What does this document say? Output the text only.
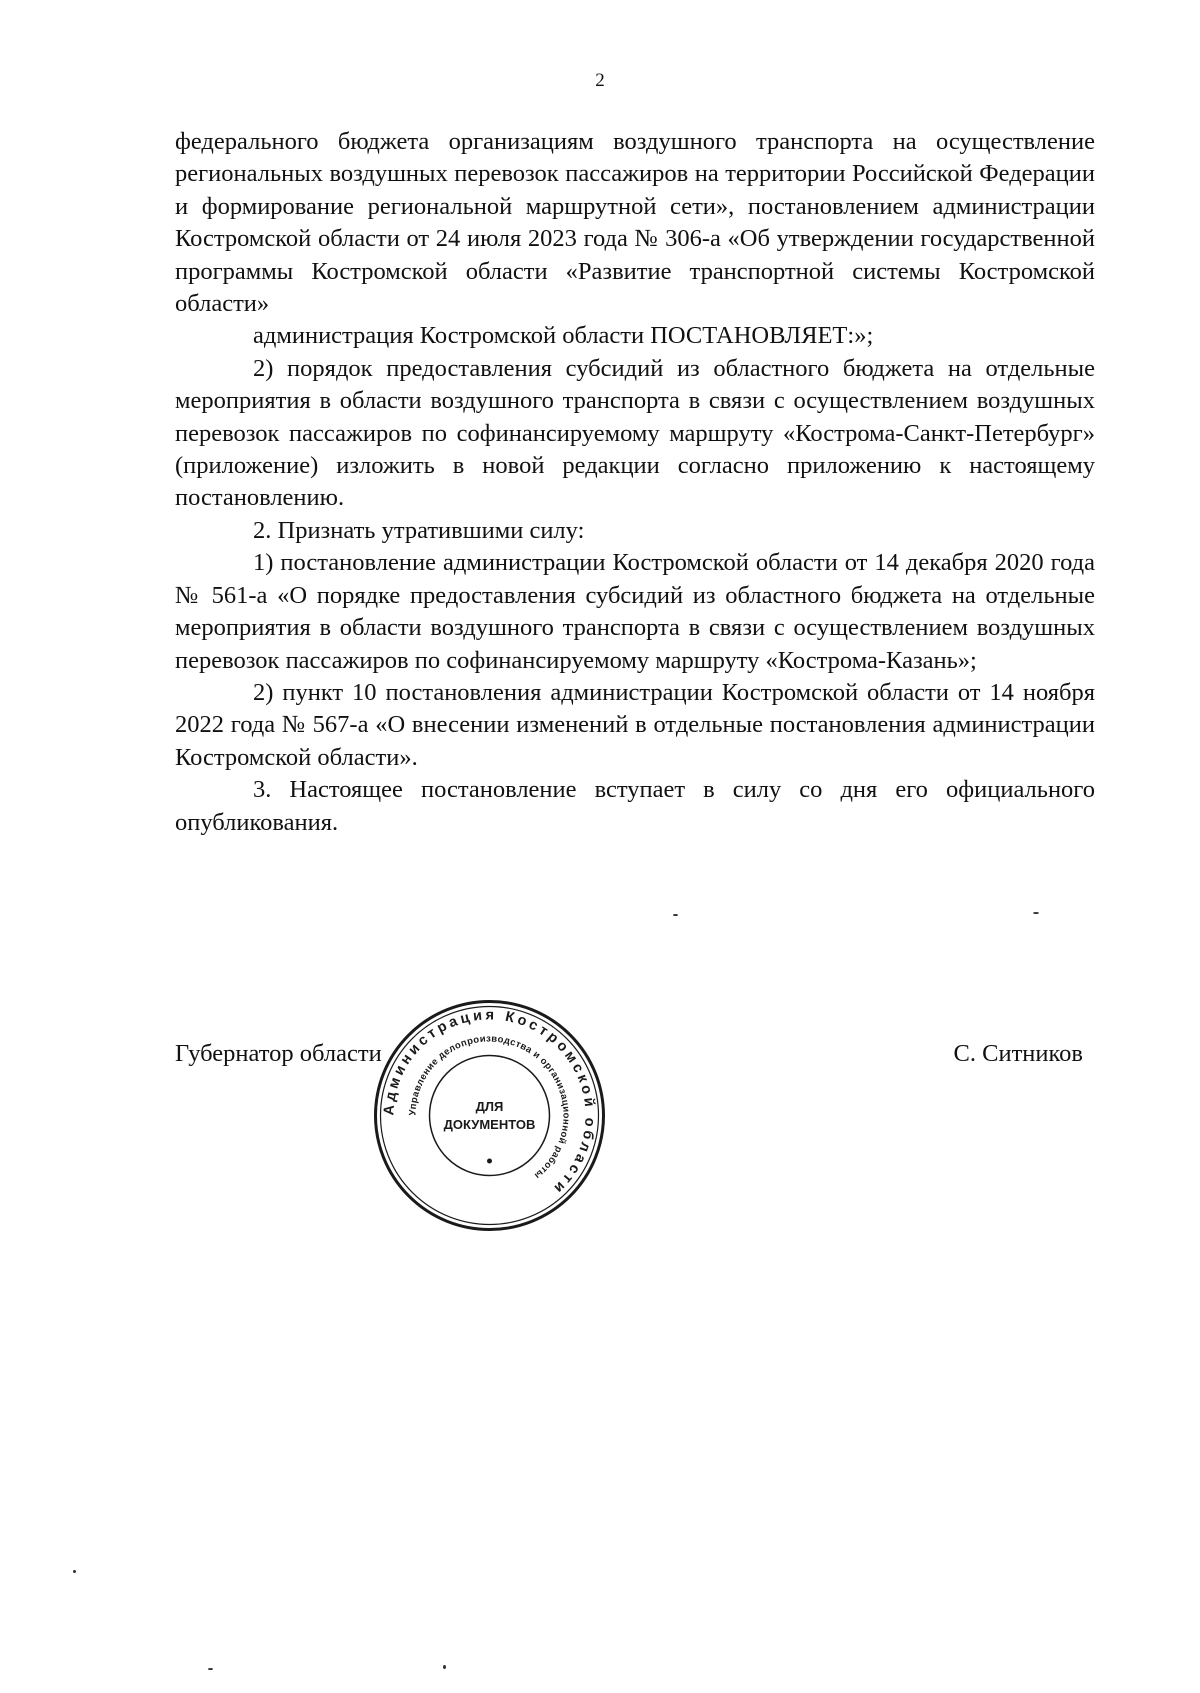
2

федерального бюджета организациям воздушного транспорта на осуществление региональных воздушных перевозок пассажиров на территории Российской Федерации и формирование региональной маршрутной сети», постановлением администрации Костромской области от 24 июля 2023 года № 306-а «Об утверждении государственной программы Костромской области «Развитие транспортной системы Костромской области»

администрация Костромской области ПОСТАНОВЛЯЕТ:»;

2) порядок предоставления субсидий из областного бюджета на отдельные мероприятия в области воздушного транспорта в связи с осуществлением воздушных перевозок пассажиров по софинансируемому маршруту «Кострома-Санкт-Петербург» (приложение) изложить в новой редакции согласно приложению к настоящему постановлению.

2. Признать утратившими силу:

1) постановление администрации Костромской области от 14 декабря 2020 года № 561-а «О порядке предоставления субсидий из областного бюджета на отдельные мероприятия в области воздушного транспорта в связи с осуществлением воздушных перевозок пассажиров по софинансируемому маршруту «Кострома-Казань»;

2) пункт 10 постановления администрации Костромской области от 14 ноября 2022 года № 567-а «О внесении изменений в отдельные постановления администрации Костромской области».

3. Настоящее постановление вступает в силу со дня его официального опубликования.

Губернатор области	С. Ситников
Администрация Костромской области
Управление делопроизводства и организационной работы
ДЛЯ
ДОКУМЕНТОВ
